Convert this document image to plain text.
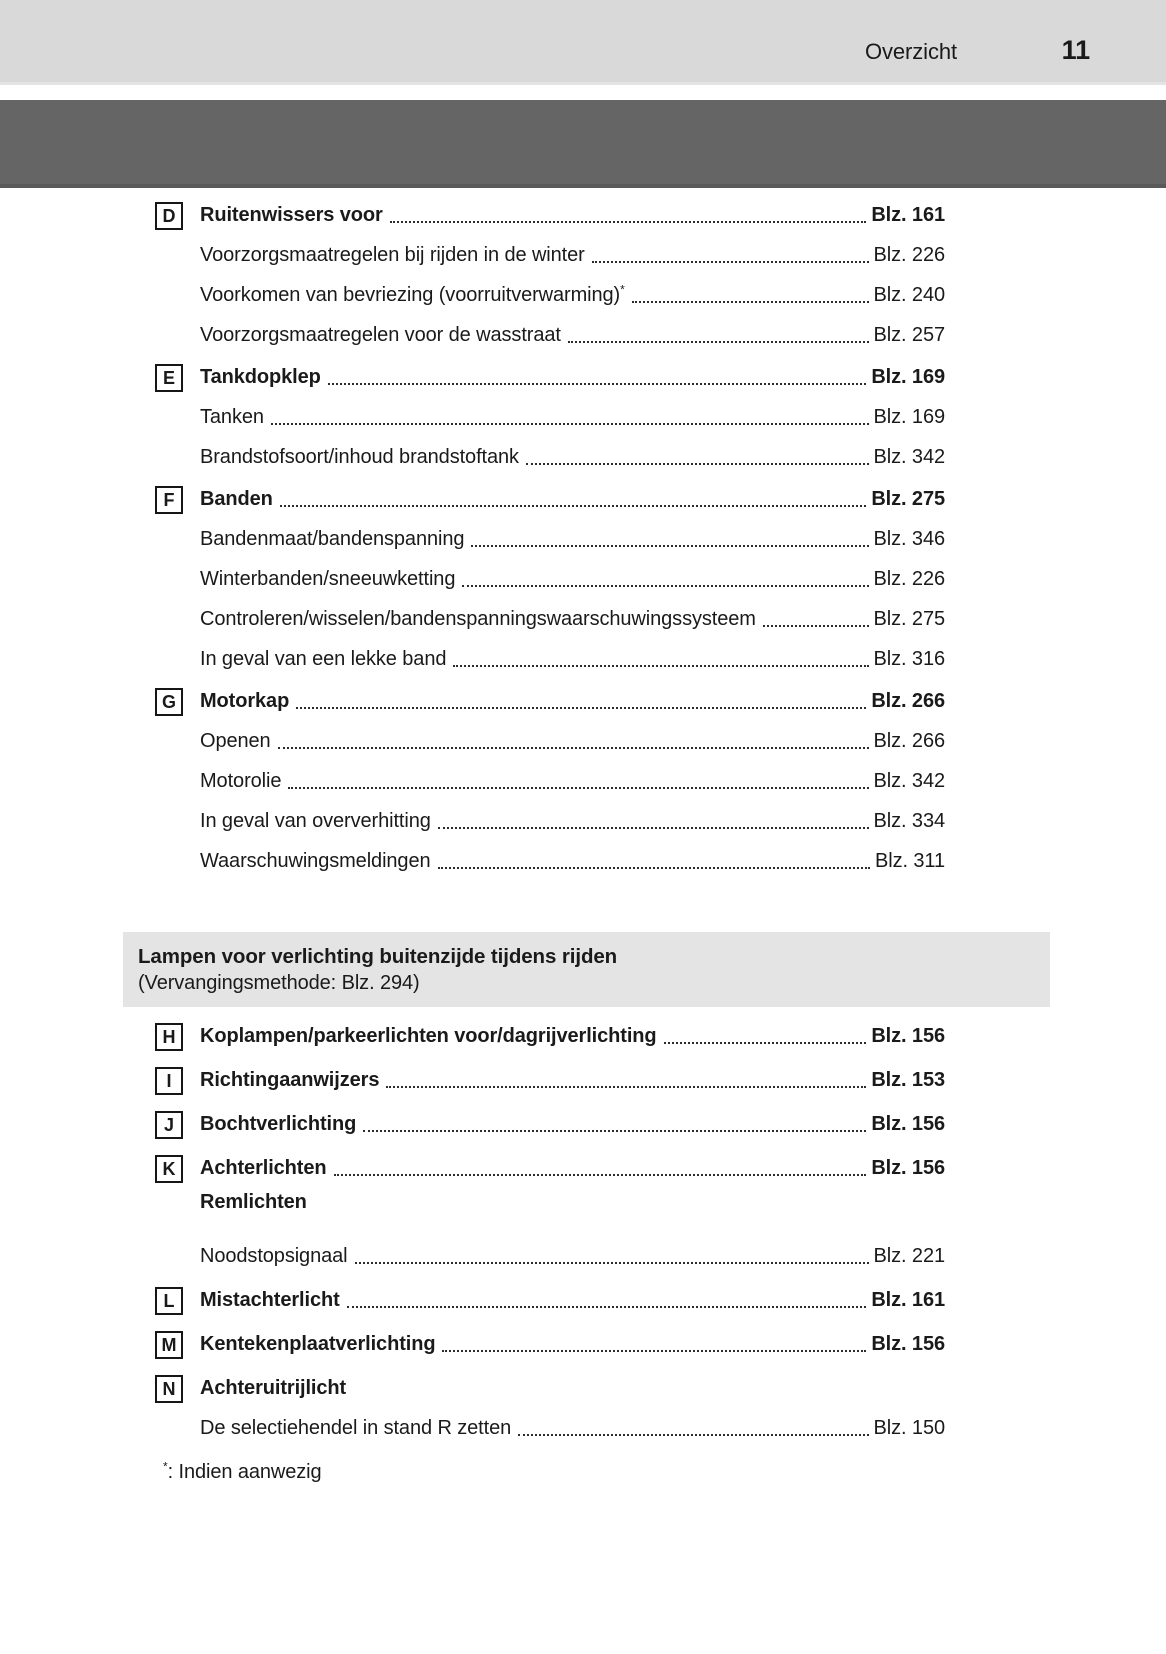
Overzicht	11
D	Ruitenwissers voor	Blz. 161
Voorzorgsmaatregelen bij rijden in de winter	Blz. 226
Voorkomen van bevriezing (voorruitverwarming)*	Blz. 240
Voorzorgsmaatregelen voor de wasstraat	Blz. 257
E	Tankdopklep	Blz. 169
Tanken	Blz. 169
Brandstofsoort/inhoud brandstoftank	Blz. 342
F	Banden	Blz. 275
Bandenmaat/bandenspanning	Blz. 346
Winterbanden/sneeuwketting	Blz. 226
Controleren/wisselen/bandenspanningswaarschuwingssysteem	Blz. 275
In geval van een lekke band	Blz. 316
G	Motorkap	Blz. 266
Openen	Blz. 266
Motorolie	Blz. 342
In geval van oververhitting	Blz. 334
Waarschuwingsmeldingen	Blz. 311
Lampen voor verlichting buitenzijde tijdens rijden
(Vervangingsmethode: Blz. 294)
H	Koplampen/parkeerlichten voor/dagrijverlichting	Blz. 156
I	Richtingaanwijzers	Blz. 153
J	Bochtverlichting	Blz. 156
K	Achterlichten	Blz. 156
Remlichten
Noodstopsignaal	Blz. 221
L	Mistachterlicht	Blz. 161
M	Kentekenplaatverlichting	Blz. 156
N	Achteruitrijlicht
De selectiehendel in stand R zetten	Blz. 150
*: Indien aanwezig
